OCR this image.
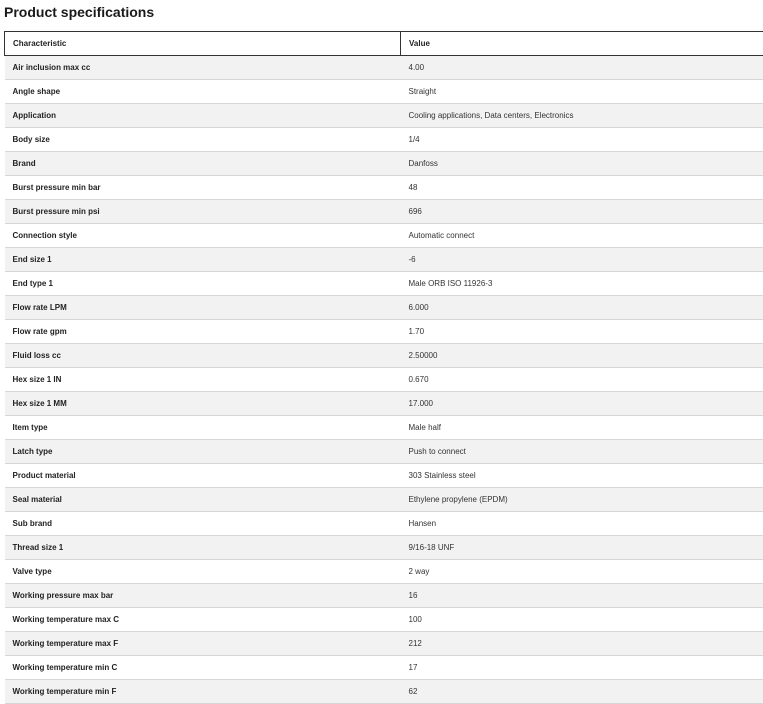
Product specifications
Characteristic	Value
Air inclusion max cc	4.00
Angle shape	Straight
Application	Cooling applications, Data centers, Electronics
Body size	1/4
Brand	Danfoss
Burst pressure min bar	48
Burst pressure min psi	696
Connection style	Automatic connect
End size 1	-6
End type 1	Male ORB ISO 11926-3
Flow rate LPM	6.000
Flow rate gpm	1.70
Fluid loss cc	2.50000
Hex size 1 IN	0.670
Hex size 1 MM	17.000
Item type	Male half
Latch type	Push to connect
Product material	303 Stainless steel
Seal material	Ethylene propylene (EPDM)
Sub brand	Hansen
Thread size 1	9/16-18 UNF
Valve type	2 way
Working pressure max bar	16
Working temperature max C	100
Working temperature max F	212
Working temperature min C	17
Working temperature min F	62
